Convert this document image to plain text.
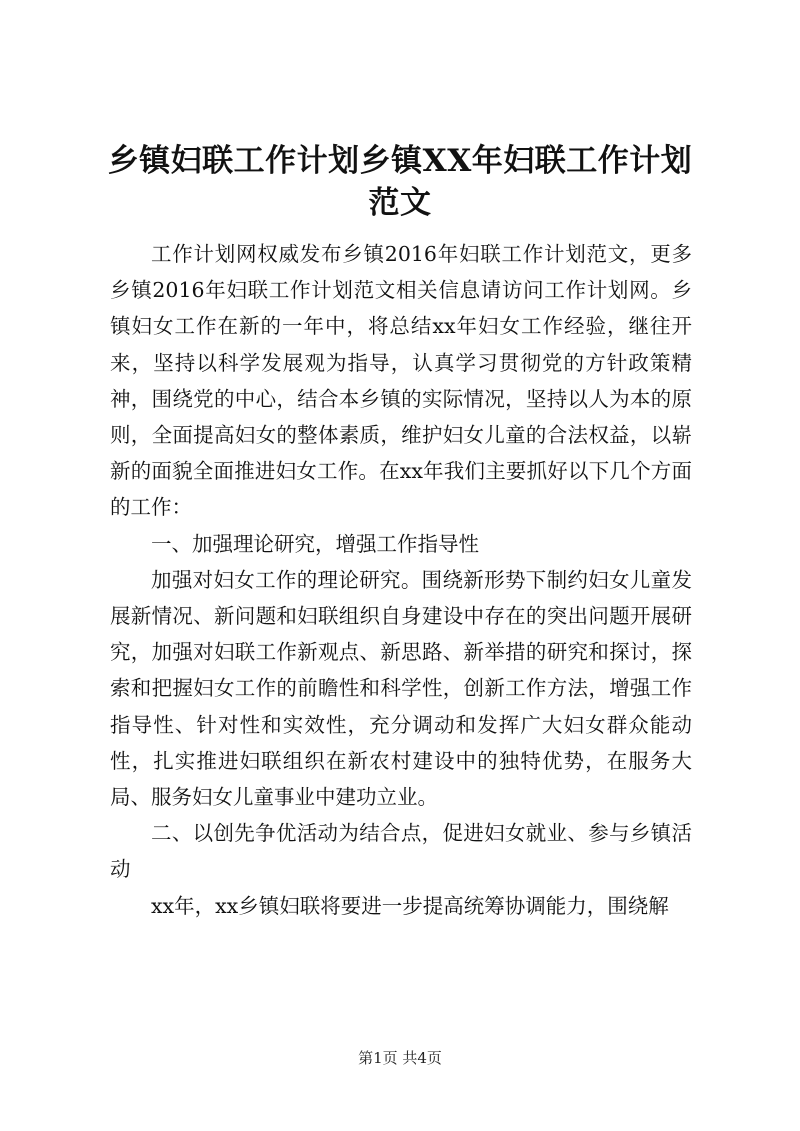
乡镇妇联工作计划乡镇XX年妇联工作计划范文

工作计划网权威发布乡镇2016年妇联工作计划范文，更多乡镇2016年妇联工作计划范文相关信息请访问工作计划网。乡镇妇女工作在新的一年中，将总结xx年妇女工作经验，继往开来，坚持以科学发展观为指导，认真学习贯彻党的方针政策精神，围绕党的中心，结合本乡镇的实际情况，坚持以人为本的原则，全面提高妇女的整体素质，维护妇女儿童的合法权益，以崭新的面貌全面推进妇女工作。在xx年我们主要抓好以下几个方面的工作：

一、加强理论研究，增强工作指导性

加强对妇女工作的理论研究。围绕新形势下制约妇女儿童发展新情况、新问题和妇联组织自身建设中存在的突出问题开展研究，加强对妇联工作新观点、新思路、新举措的研究和探讨，探索和把握妇女工作的前瞻性和科学性，创新工作方法，增强工作指导性、针对性和实效性，充分调动和发挥广大妇女群众能动性，扎实推进妇联组织在新农村建设中的独特优势，在服务大局、服务妇女儿童事业中建功立业。

二、以创先争优活动为结合点，促进妇女就业、参与乡镇活动

xx年，xx乡镇妇联将要进一步提高统筹协调能力，围绕解

第1页 共4页
